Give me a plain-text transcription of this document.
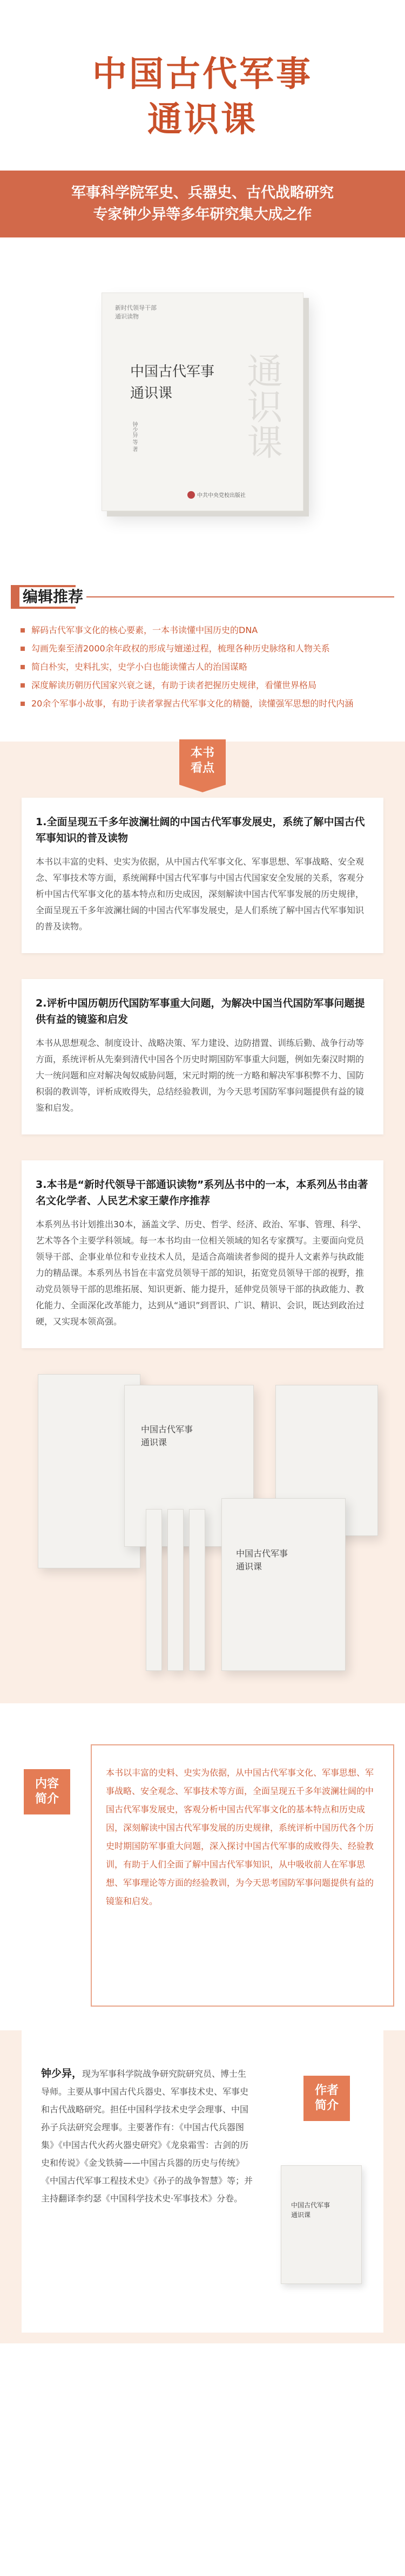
中国古代军事
通识课
军事科学院军史、兵器史、古代战略研究
专家钟少异等多年研究集大成之作
新时代领导干部
通识读物
中国古代军事
通识课 通识课
钟少异 等 著
中共中央党校出版社
编辑推荐
解码古代军事文化的核心要素，一本书读懂中国历史的DNA
勾画先秦至清2000余年政权的形成与嬗递过程，梳理各种历史脉络和人物关系
简白朴实，史料扎实，史学小白也能读懂古人的治国谋略
深度解读历朝历代国家兴衰之谜，有助于读者把握历史规律，看懂世界格局
20余个军事小故事，有助于读者掌握古代军事文化的精髓，读懂强军思想的时代内涵
本书
看点
1.全面呈现五千多年波澜壮阔的中国古代军事发展史，系统了解中国古代军事知识的普及读物

本书以丰富的史料、史实为依据，从中国古代军事文化、军事思想、军事战略、安全观念、军事技术等方面，系统阐释中国古代军事与中国古代国家安全发展的关系，客观分析中国古代军事文化的基本特点和历史成因，深刻解读中国古代军事发展的历史规律，全面呈现五千多年波澜壮阔的中国古代军事发展史，是人们系统了解中国古代军事知识的普及读物。

2.评析中国历朝历代国防军事重大问题，为解决中国当代国防军事问题提供有益的镜鉴和启发

本书从思想观念、制度设计、战略决策、军力建设、边防措置、训练后勤、战争行动等方面，系统评析从先秦到清代中国各个历史时期国防军事重大问题，例如先秦汉时期的大一统问题和应对解决匈奴威胁问题，宋元时期的统一方略和解决军事积弊不力、国防积弱的教训等，评析成败得失，总结经验教训，为今天思考国防军事问题提供有益的镜鉴和启发。

3.本书是“新时代领导干部通识读物”系列丛书中的一本，本系列丛书由著名文化学者、人民艺术家王蒙作序推荐

本系列丛书计划推出30本，涵盖文学、历史、哲学、经济、政治、军事、管理、科学、艺术等各个主要学科领域。每一本书均由一位相关领域的知名专家撰写。主要面向党员领导干部、企事业单位和专业技术人员，是适合高端读者参阅的提升人文素养与执政能力的精品课。本系列丛书旨在丰富党员领导干部的知识，拓宽党员领导干部的视野，推动党员领导干部的思维拓展、知识更新、能力提升，延伸党员领导干部的执政能力、教化能力、全面深化改革能力，达到从“通识”到晋识、广识、精识、会识，既达到政治过硬，又实现本领高强。

中国古代军事
通识课
中国古代军事
通识课
内容
简介
本书以丰富的史料、史实为依据，从中国古代军事文化、军事思想、军事战略、安全观念、军事技术等方面，全面呈现五千多年波澜壮阔的中国古代军事发展史，客观分析中国古代军事文化的基本特点和历史成因，深刻解读中国古代军事发展的历史规律，系统评析中国历代各个历史时期国防军事重大问题，深入探讨中国古代军事的成败得失、经验教训，有助于人们全面了解中国古代军事知识，从中吸收前人在军事思想、军事理论等方面的经验教训，为今天思考国防军事问题提供有益的镜鉴和启发。
钟少异，现为军事科学院战争研究院研究员、博士生导师。主要从事中国古代兵器史、军事技术史、军事史和古代战略研究。担任中国科学技术史学会理事、中国孙子兵法研究会理事。主要著作有：《中国古代兵器图集》《中国古代火药火器史研究》《龙泉霜雪：古剑的历史和传说》《金戈铁骑——中国古兵器的历史与传统》《中国古代军事工程技术史》《孙子的战争智慧》等；并主持翻译李约瑟《中国科学技术史·军事技术》分卷。
作者
简介
中国古代军事
通识课
